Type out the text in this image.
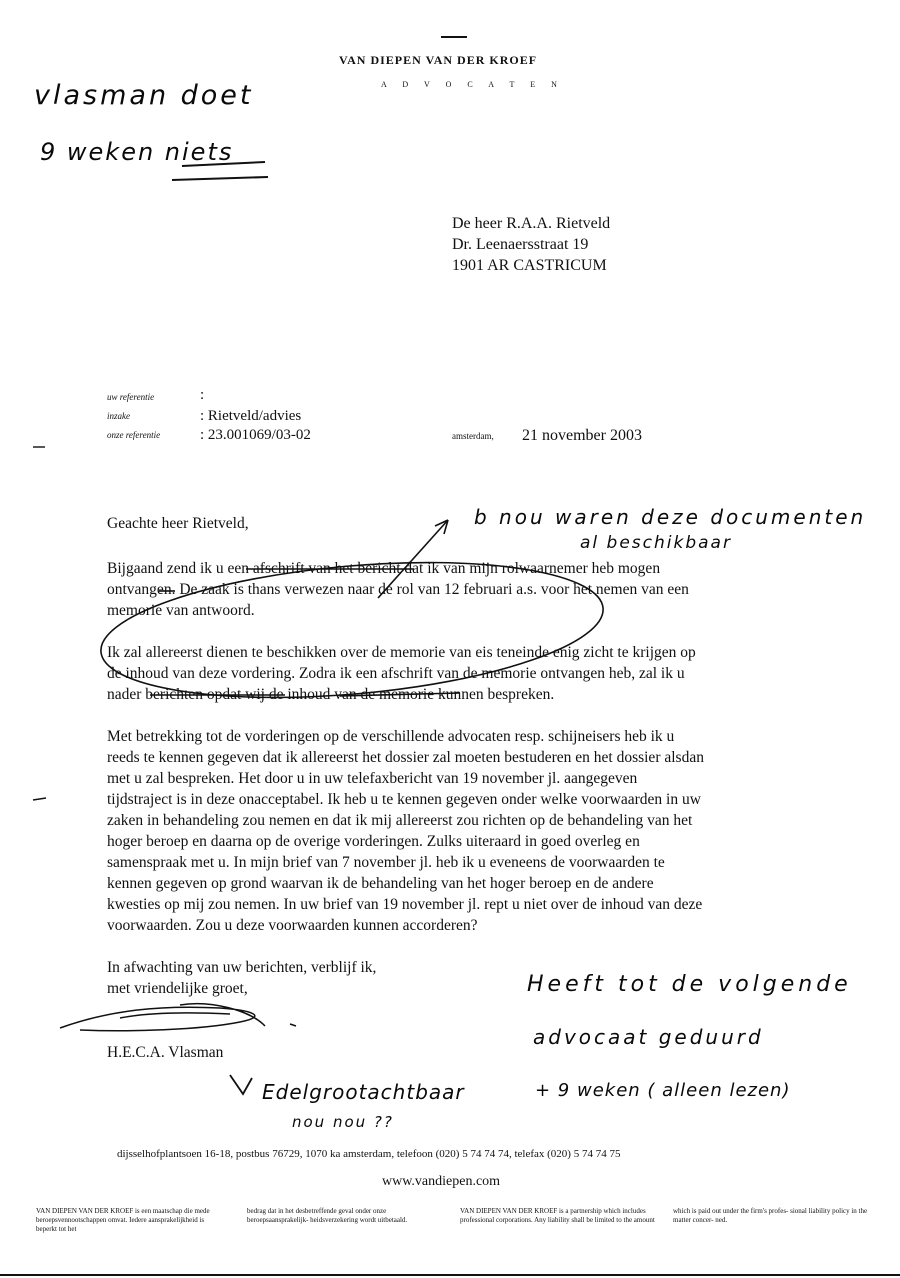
VAN DIEPEN VAN DER KROEF
A D V O C A T E N
De heer R.A.A. Rietveld
Dr. Leenaersstraat 19
1901 AR CASTRICUM
uw referentie	:
inzake	: Rietveld/advies
onze referentie	: 23.001069/03-02	amsterdam, 21 november 2003
Geachte heer Rietveld,
Bijgaand zend ik u een afschrift van het bericht dat ik van mijn rolwaarnemer heb mogen
ontvangen. De zaak is thans verwezen naar de rol van 12 februari a.s. voor het nemen van een
memorie van antwoord.
Ik zal allereerst dienen te beschikken over de memorie van eis teneinde enig zicht te krijgen op
de inhoud van deze vordering. Zodra ik een afschrift van de memorie ontvangen heb, zal ik u
nader berichten opdat wij de inhoud van de memorie kunnen bespreken.
Met betrekking tot de vorderingen op de verschillende advocaten resp. schijneisers heb ik u
reeds te kennen gegeven dat ik allereerst het dossier zal moeten bestuderen en het dossier alsdan
met u zal bespreken. Het door u in uw telefaxbericht van 19 november jl. aangegeven
tijdstraject is in deze onacceptabel. Ik heb u te kennen gegeven onder welke voorwaarden in uw
zaken in behandeling zou nemen en dat ik mij allereerst zou richten op de behandeling van het
hoger beroep en daarna op de overige vorderingen. Zulks uiteraard in goed overleg en
samenspraak met u. In mijn brief van 7 november jl. heb ik u eveneens de voorwaarden te
kennen gegeven op grond waarvan ik de behandeling van het hoger beroep en de andere
kwesties op mij zou nemen. In uw brief van 19 november jl. rept u niet over de inhoud van deze
voorwaarden. Zou u deze voorwaarden kunnen accorderen?
In afwachting van uw berichten, verblijf ik,
met vriendelijke groet,
H.E.C.A. Vlasman
vlasman doet
9 weken niets
b nou waren deze documenten
al beschikbaar
Heeft tot de volgende
advocaat geduurd
+ 9 weken ( alleen lezen)
Edelgrootachtbaar
nou nou ??
dijsselhofplantsoen 16-18, postbus 76729, 1070 ka amsterdam, telefoon (020) 5 74 74 74, telefax (020) 5 74 74 75
www.vandiepen.com
VAN DIEPEN VAN DER KROEF is een maatschap die mede beroepsvennootschappen omvat. Iedere aansprakelijkheid is beperkt tot het
bedrag dat in het desbetreffende geval onder onze beroepsaansprakelijk- heidsverzekering wordt uitbetaald.
VAN DIEPEN VAN DER KROEF is a partnership which includes professional corporations. Any liability shall be limited to the amount
which is paid out under the firm's profes- sional liability policy in the matter concer- ned.
